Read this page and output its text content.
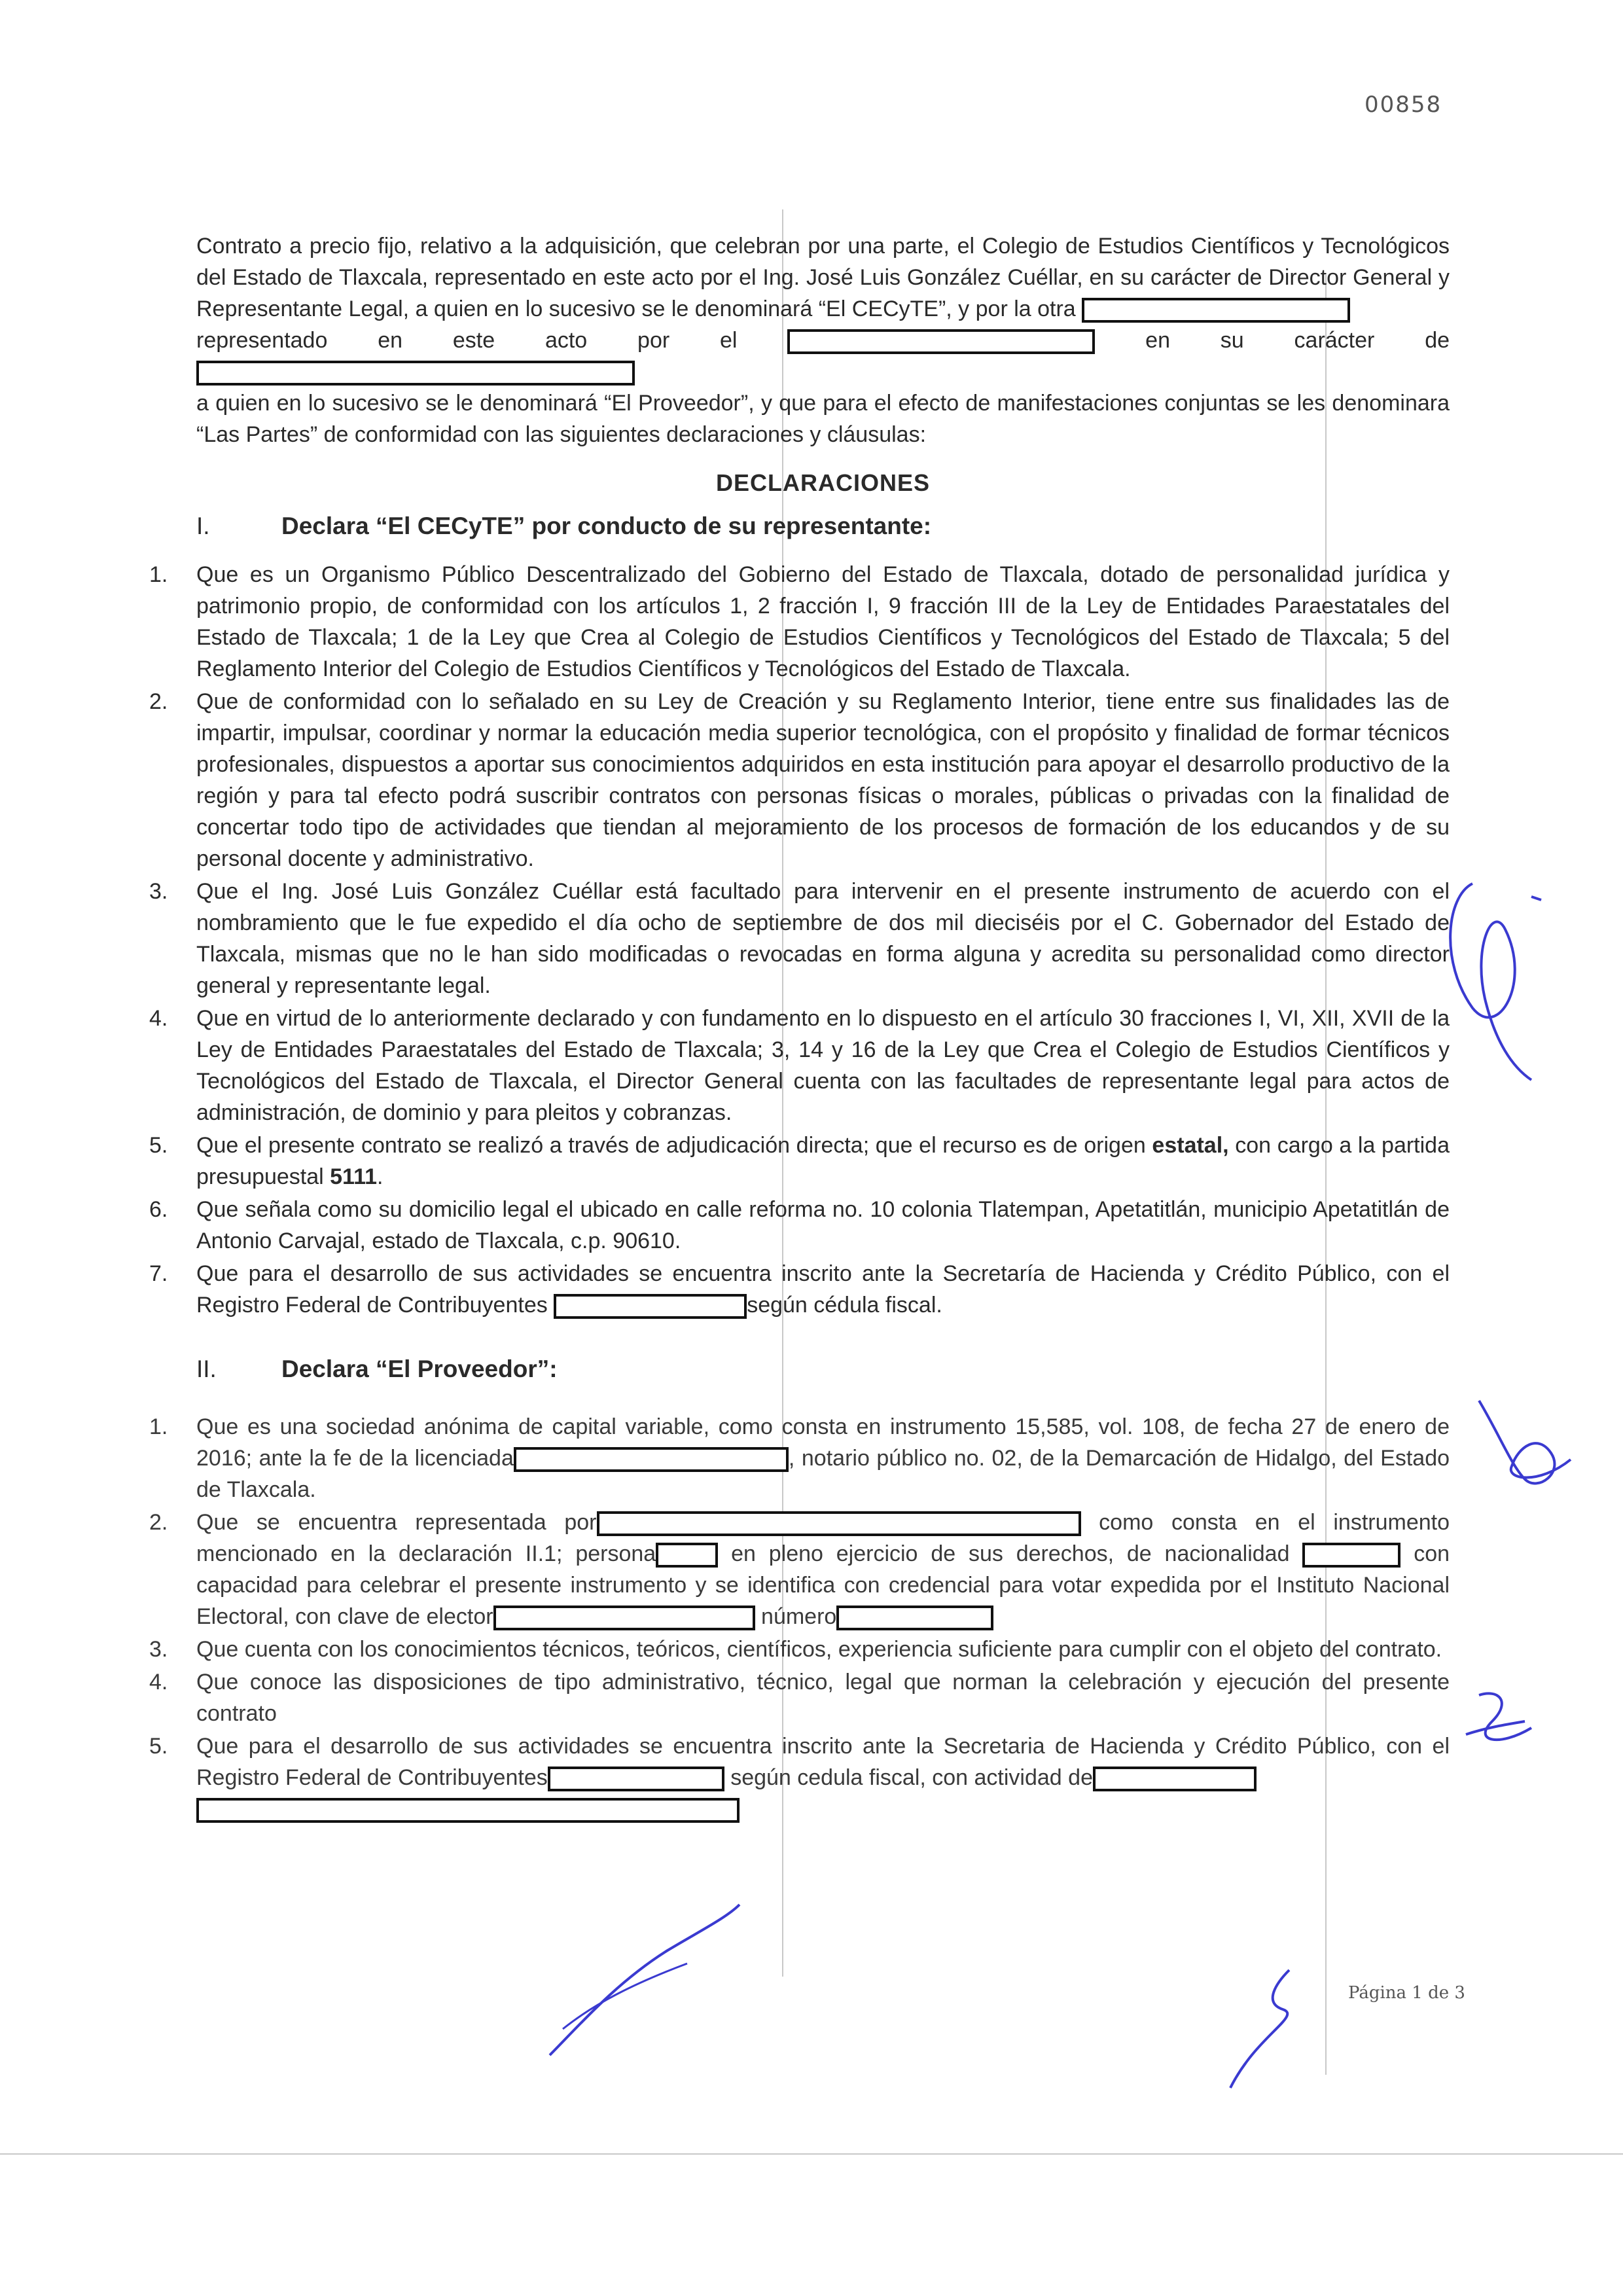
00858
Contrato a precio fijo, relativo a la adquisición, que celebran por una parte, el Colegio de Estudios Científicos y Tecnológicos del Estado de Tlaxcala, representado en este acto por el Ing. José Luis González Cuéllar, en su carácter de Director General y Representante Legal, a quien en lo sucesivo se le denominará “El CECyTE”, y por la otra
representado en este acto por el	en su carácter de
a quien en lo sucesivo se le denominará “El Proveedor”, y que para el efecto de manifestaciones conjuntas se les denominara “Las Partes” de conformidad con las siguientes declaraciones y cláusulas:
DECLARACIONES
I.	Declara “El CECyTE” por conducto de su representante:
1.	Que es un Organismo Público Descentralizado del Gobierno del Estado de Tlaxcala, dotado de personalidad jurídica y patrimonio propio, de conformidad con los artículos 1, 2 fracción I, 9 fracción III de la Ley de Entidades Paraestatales del Estado de Tlaxcala; 1 de la Ley que Crea al Colegio de Estudios Científicos y Tecnológicos del Estado de Tlaxcala; 5 del Reglamento Interior del Colegio de Estudios Científicos y Tecnológicos del Estado de Tlaxcala.
2.	Que de conformidad con lo señalado en su Ley de Creación y su Reglamento Interior, tiene entre sus finalidades las de impartir, impulsar, coordinar y normar la educación media superior tecnológica, con el propósito y finalidad de formar técnicos profesionales, dispuestos a aportar sus conocimientos adquiridos en esta institución para apoyar el desarrollo productivo de la región y para tal efecto podrá suscribir contratos con personas físicas o morales, públicas o privadas con la finalidad de concertar todo tipo de actividades que tiendan al mejoramiento de los procesos de formación de los educandos y de su personal docente y administrativo.
3.	Que el Ing. José Luis González Cuéllar está facultado para intervenir en el presente instrumento de acuerdo con el nombramiento que le fue expedido el día ocho de septiembre de dos mil dieciséis por el C. Gobernador del Estado de Tlaxcala, mismas que no le han sido modificadas o revocadas en forma alguna y acredita su personalidad como director general y representante legal.
4.	Que en virtud de lo anteriormente declarado y con fundamento en lo dispuesto en el artículo 30 fracciones I, VI, XII, XVII de la Ley de Entidades Paraestatales del Estado de Tlaxcala; 3, 14 y 16 de la Ley que Crea el Colegio de Estudios Científicos y Tecnológicos del Estado de Tlaxcala, el Director General cuenta con las facultades de representante legal para actos de administración, de dominio y para pleitos y cobranzas.
5.	Que el presente contrato se realizó a través de adjudicación directa; que el recurso es de origen estatal, con cargo a la partida presupuestal 5111.
6.	Que señala como su domicilio legal el ubicado en calle reforma no. 10 colonia Tlatempan, Apetatitlán, municipio Apetatitlán de Antonio Carvajal, estado de Tlaxcala, c.p. 90610.
7.	Que para el desarrollo de sus actividades se encuentra inscrito ante la Secretaría de Hacienda y Crédito Público, con el Registro Federal de Contribuyentes	según cédula fiscal.
II.	Declara “El Proveedor”:
1.	Que es una sociedad anónima de capital variable, como consta en instrumento 15,585, vol. 108, de fecha 27 de enero de 2016; ante la fe de la licenciada	, notario público no. 02, de la Demarcación de Hidalgo, del Estado de Tlaxcala.
2.	Que se encuentra representada por	como consta en el instrumento mencionado en la declaración II.1; persona	en pleno ejercicio de sus derechos, de nacionalidad	con capacidad para celebrar el presente instrumento y se identifica con credencial para votar expedida por el Instituto Nacional Electoral, con clave de elector	número
3.	Que cuenta con los conocimientos técnicos, teóricos, científicos, experiencia suficiente para cumplir con el objeto del contrato.
4.	Que conoce las disposiciones de tipo administrativo, técnico, legal que norman la celebración y ejecución del presente contrato
5.	Que para el desarrollo de sus actividades se encuentra inscrito ante la Secretaria de Hacienda y Crédito Público, con el Registro Federal de Contribuyentes	según cedula fiscal, con actividad de

Página 1 de 3
